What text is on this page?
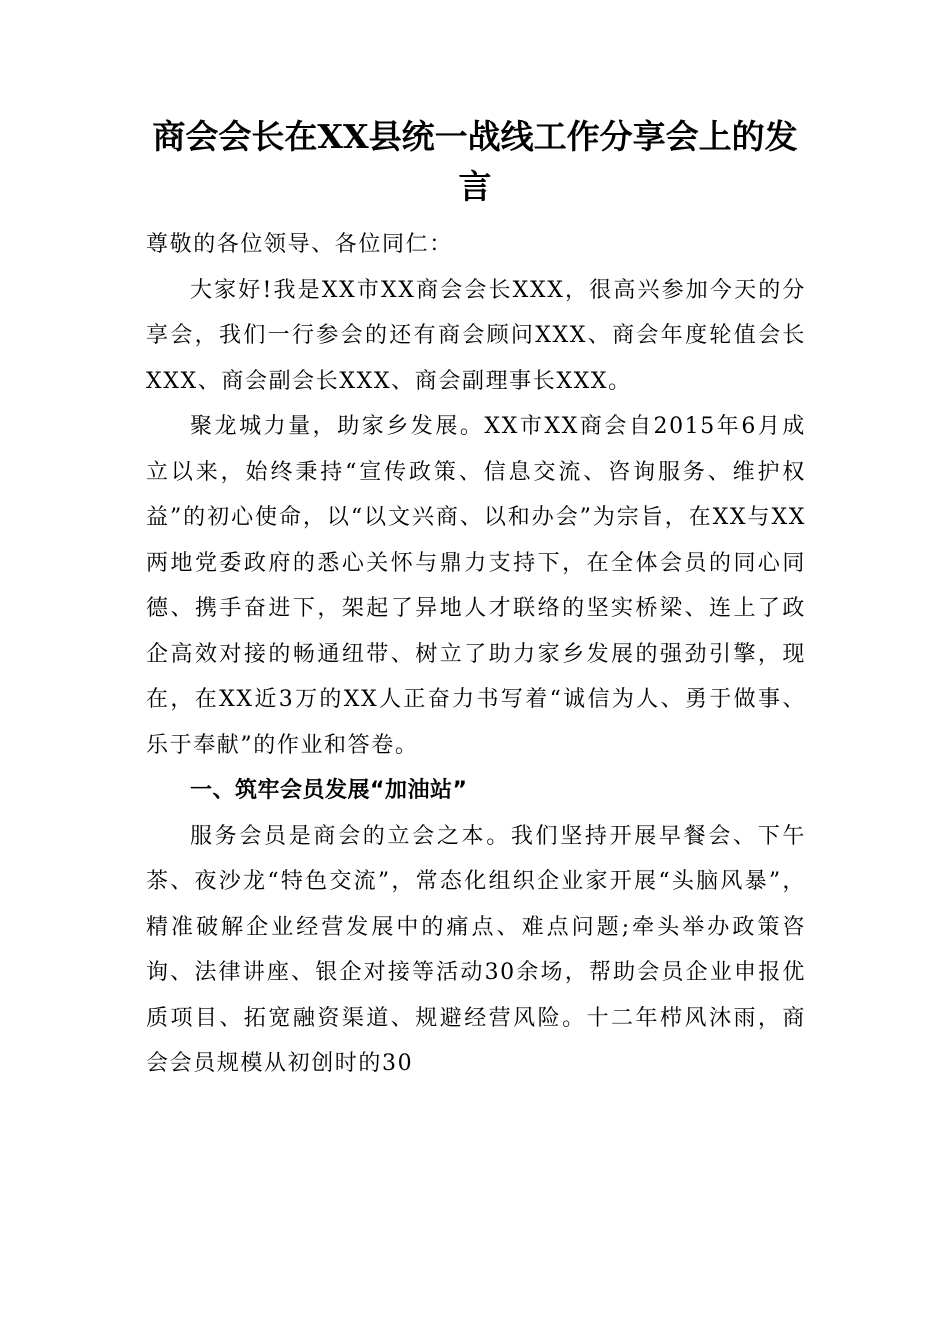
商会会长在XX县统一战线工作分享会上的发言

尊敬的各位领导、各位同仁：

大家好!我是XX市XX商会会长XXX，很高兴参加今天的分享会，我们一行参会的还有商会顾问XXX、商会年度轮值会长XXX、商会副会长XXX、商会副理事长XXX。

聚龙城力量，助家乡发展。XX市XX商会自2015年6月成立以来，始终秉持“宣传政策、信息交流、咨询服务、维护权益”的初心使命，以“以文兴商、以和办会”为宗旨，在XX与XX两地党委政府的悉心关怀与鼎力支持下，在全体会员的同心同德、携手奋进下，架起了异地人才联络的坚实桥梁、连上了政企高效对接的畅通纽带、树立了助力家乡发展的强劲引擎，现在，在XX近3万的XX人正奋力书写着“诚信为人、勇于做事、乐于奉献”的作业和答卷。

一、筑牢会员发展“加油站”

服务会员是商会的立会之本。我们坚持开展早餐会、下午茶、夜沙龙“特色交流”，常态化组织企业家开展“头脑风暴”，精准破解企业经营发展中的痛点、难点问题;牵头举办政策咨询、法律讲座、银企对接等活动30余场，帮助会员企业申报优质项目、拓宽融资渠道、规避经营风险。十二年栉风沐雨，商会会员规模从初创时的30
